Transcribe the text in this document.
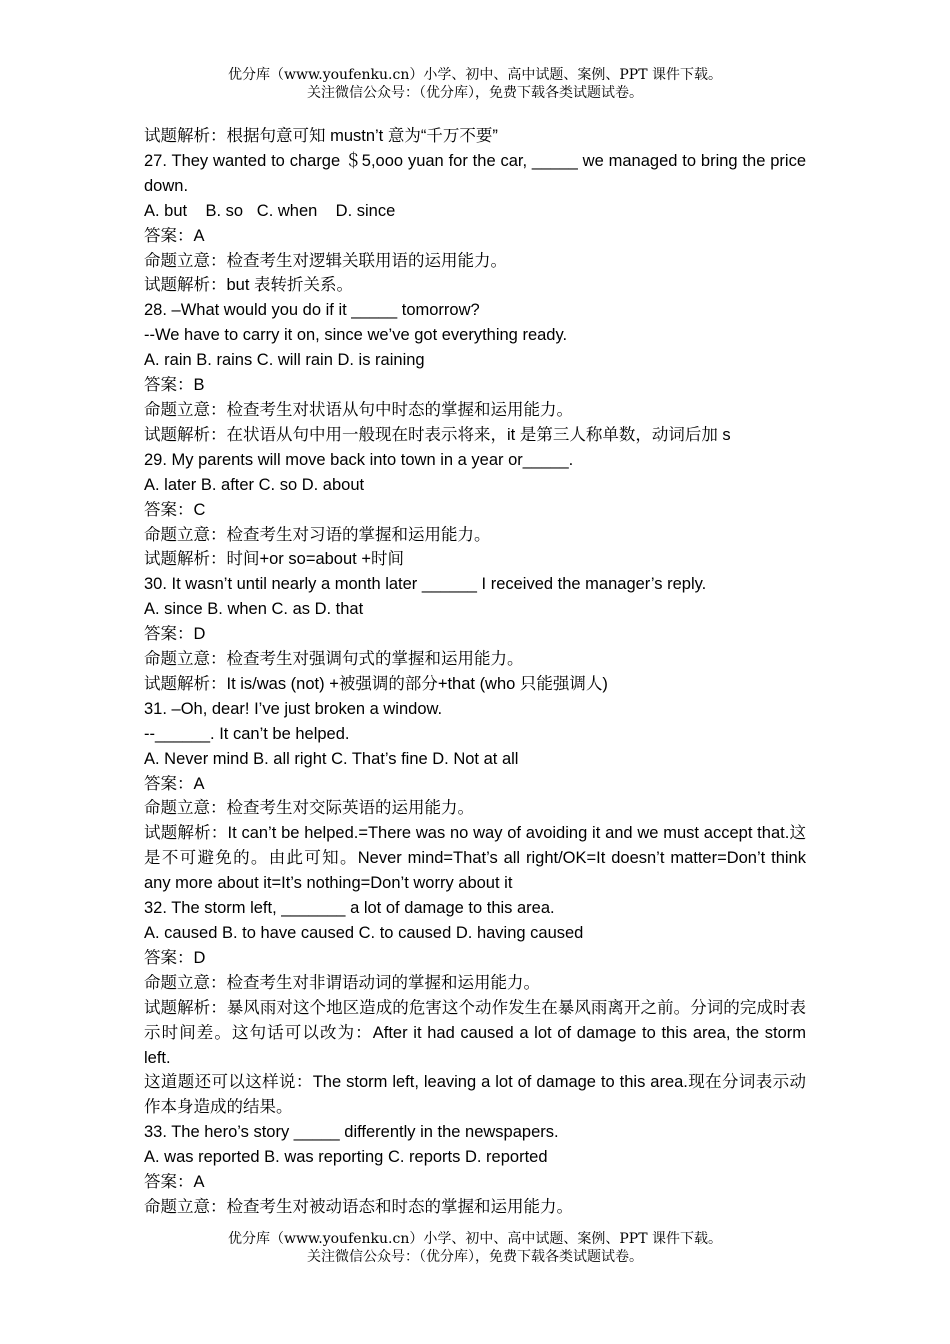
优分库（www.youfenku.cn）小学、初中、高中试题、案例、PPT 课件下载。
关注微信公众号：（优分库），免费下载各类试题试卷。

试题解析：根据句意可知 mustn’t 意为“千万不要”

27. They wanted to charge ＄5,ooo yuan for the car, _____ we managed to bring the price down.

A. but    B. so   C. when    D. since

答案：A

命题立意：检查考生对逻辑关联用语的运用能力。

试题解析：but 表转折关系。

28. –What would you do if it _____ tomorrow?

--We have to carry it on, since we’ve got everything ready.

A. rain B. rains C. will rain D. is raining

答案：B

命题立意：检查考生对状语从句中时态的掌握和运用能力。

试题解析：在状语从句中用一般现在时表示将来，it 是第三人称单数，动词后加 s

29. My parents will move back into town in a year or_____.

A. later B. after C. so D. about

答案：C

命题立意：检查考生对习语的掌握和运用能力。

试题解析：时间+or so=about +时间

30. It wasn’t until nearly a month later ______ I received the manager’s reply.

A. since B. when C. as D. that

答案：D

命题立意：检查考生对强调句式的掌握和运用能力。

试题解析：It is/was (not) +被强调的部分+that (who 只能强调人)

31. –Oh, dear! I’ve just broken a window.

--______. It can’t be helped.

A. Never mind B. all right C. That’s fine D. Not at all

答案：A

命题立意：检查考生对交际英语的运用能力。

试题解析：It can’t be helped.=There was no way of avoiding it and we must accept that.这是不可避免的。由此可知。Never mind=That’s all right/OK=It doesn’t matter=Don’t think any more about it=It’s nothing=Don’t worry about it

32. The storm left, _______ a lot of damage to this area.

A. caused B. to have caused C. to caused D. having caused

答案：D

命题立意：检查考生对非谓语动词的掌握和运用能力。

试题解析：暴风雨对这个地区造成的危害这个动作发生在暴风雨离开之前。分词的完成时表示时间差。这句话可以改为：After it had caused a lot of damage to this area, the storm left.

这道题还可以这样说：The storm left, leaving a lot of damage to this area.现在分词表示动作本身造成的结果。

33. The hero’s story _____ differently in the newspapers.

A. was reported B. was reporting C. reports D. reported

答案：A

命题立意：检查考生对被动语态和时态的掌握和运用能力。

优分库（www.youfenku.cn）小学、初中、高中试题、案例、PPT 课件下载。
关注微信公众号：（优分库），免费下载各类试题试卷。
